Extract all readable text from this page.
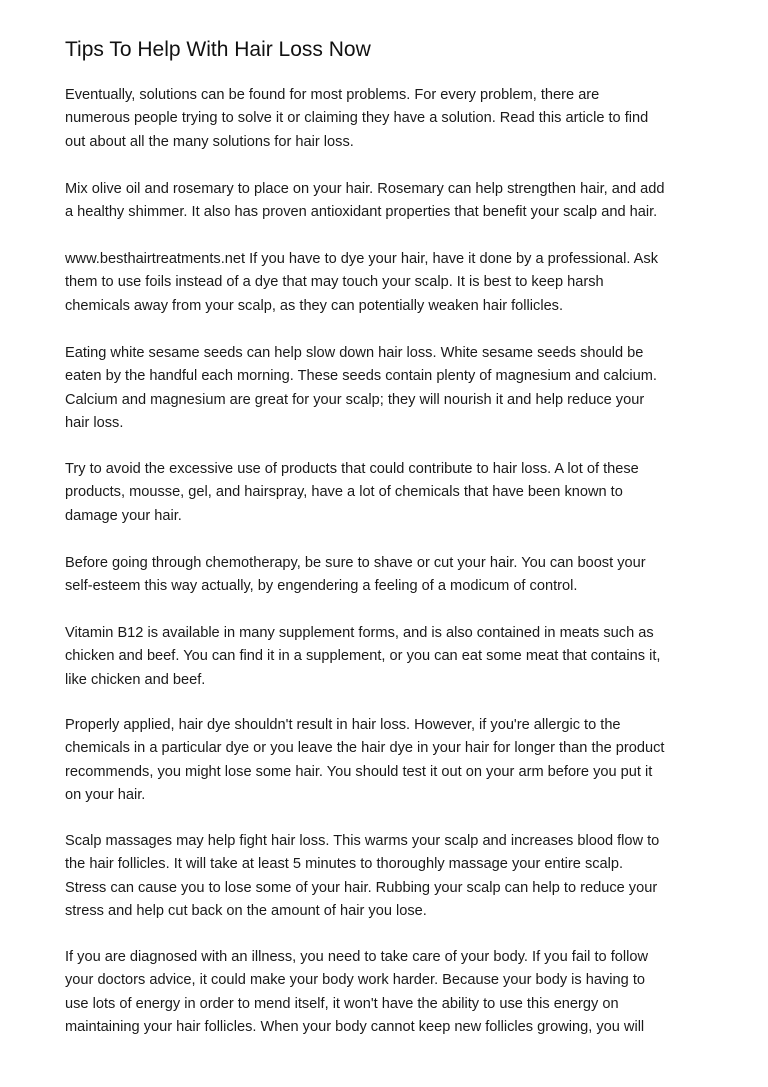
Tips To Help With Hair Loss Now
Eventually, solutions can be found for most problems. For every problem, there are
numerous people trying to solve it or claiming they have a solution. Read this article to find
out about all the many solutions for hair loss.
Mix olive oil and rosemary to place on your hair. Rosemary can help strengthen hair, and add
a healthy shimmer. It also has proven antioxidant properties that benefit your scalp and hair.
www.besthairtreatments.net If you have to dye your hair, have it done by a professional. Ask
them to use foils instead of a dye that may touch your scalp. It is best to keep harsh
chemicals away from your scalp, as they can potentially weaken hair follicles.
Eating white sesame seeds can help slow down hair loss. White sesame seeds should be
eaten by the handful each morning. These seeds contain plenty of magnesium and calcium.
Calcium and magnesium are great for your scalp; they will nourish it and help reduce your
hair loss.
Try to avoid the excessive use of products that could contribute to hair loss. A lot of these
products, mousse, gel, and hairspray, have a lot of chemicals that have been known to
damage your hair.
Before going through chemotherapy, be sure to shave or cut your hair. You can boost your
self-esteem this way actually, by engendering a feeling of a modicum of control.
Vitamin B12 is available in many supplement forms, and is also contained in meats such as
chicken and beef. You can find it in a supplement, or you can eat some meat that contains it,
like chicken and beef.
Properly applied, hair dye shouldn't result in hair loss. However, if you're allergic to the
chemicals in a particular dye or you leave the hair dye in your hair for longer than the product
recommends, you might lose some hair. You should test it out on your arm before you put it
on your hair.
Scalp massages may help fight hair loss. This warms your scalp and increases blood flow to
the hair follicles. It will take at least 5 minutes to thoroughly massage your entire scalp.
Stress can cause you to lose some of your hair. Rubbing your scalp can help to reduce your
stress and help cut back on the amount of hair you lose.
If you are diagnosed with an illness, you need to take care of your body. If you fail to follow
your doctors advice, it could make your body work harder. Because your body is having to
use lots of energy in order to mend itself, it won't have the ability to use this energy on
maintaining your hair follicles. When your body cannot keep new follicles growing, you will
